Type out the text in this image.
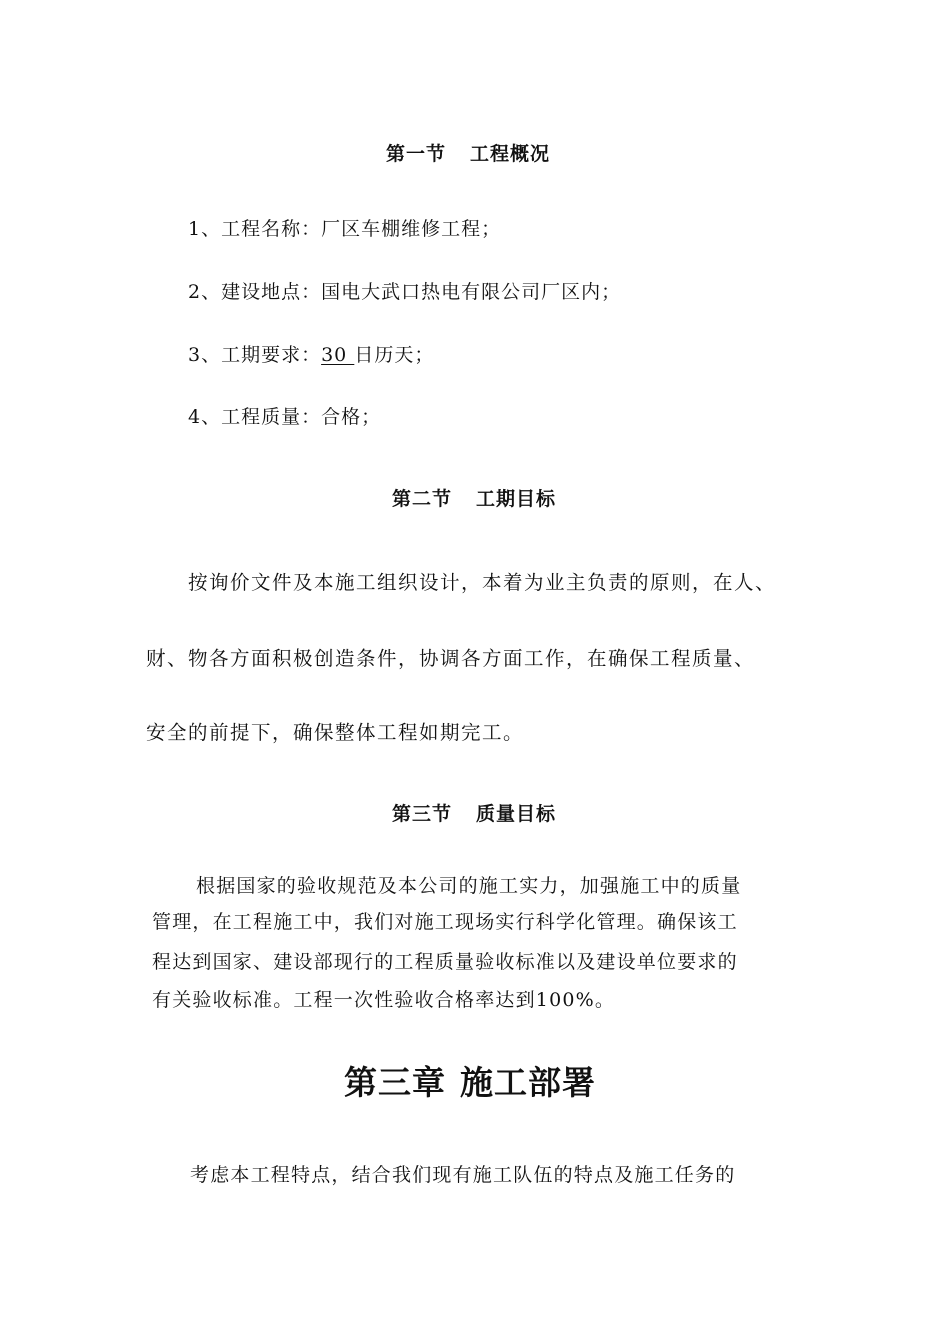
第一节 工程概况
1、工程名称：厂区车棚维修工程；
2、建设地点：国电大武口热电有限公司厂区内；
3、工期要求：30 日历天；
4、工程质量：合格；
第二节 工期目标
按询价文件及本施工组织设计，本着为业主负责的原则，在人、
财、物各方面积极创造条件，协调各方面工作，在确保工程质量、
安全的前提下，确保整体工程如期完工。
第三节 质量目标
根据国家的验收规范及本公司的施工实力，加强施工中的质量
管理，在工程施工中，我们对施工现场实行科学化管理。确保该工
程达到国家、建设部现行的工程质量验收标准以及建设单位要求的
有关验收标准。工程一次性验收合格率达到100%。
第三章 施工部署
考虑本工程特点，结合我们现有施工队伍的特点及施工任务的
